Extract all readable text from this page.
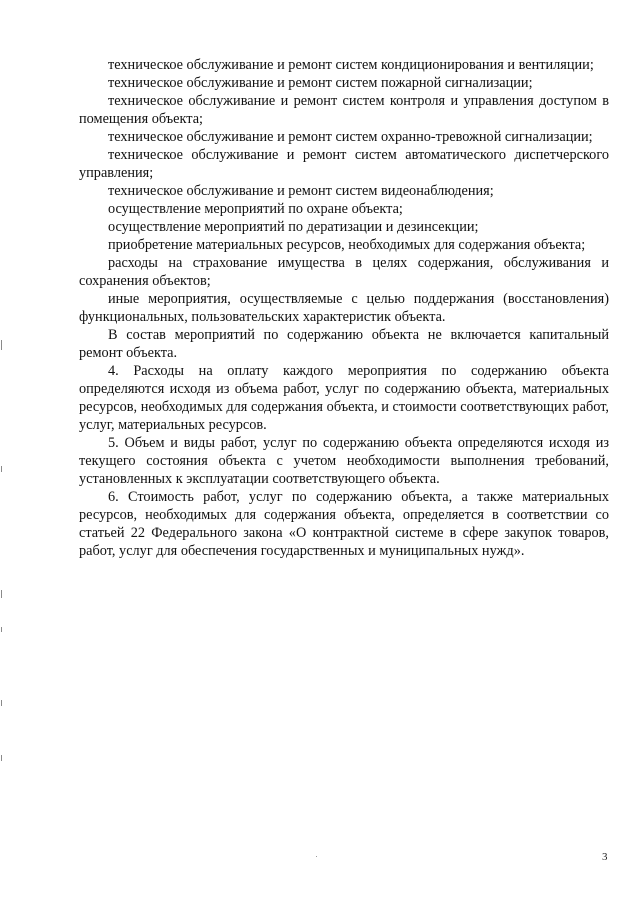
техническое обслуживание и ремонт систем кондиционирования и вентиляции;

техническое обслуживание и ремонт систем пожарной сигнализации;

техническое обслуживание и ремонт систем контроля и управления доступом в помещения объекта;

техническое обслуживание и ремонт систем охранно-тревожной сигнализации;

техническое обслуживание и ремонт систем автоматического диспетчерского управления;

техническое обслуживание и ремонт систем видеонаблюдения;

осуществление мероприятий по охране объекта;

осуществление мероприятий по дератизации и дезинсекции;

приобретение материальных ресурсов, необходимых для содержания объекта;

расходы на страхование имущества в целях содержания, обслуживания и сохранения объектов;

иные мероприятия, осуществляемые с целью поддержания (восстановления) функциональных, пользовательских характеристик объекта.

В состав мероприятий по содержанию объекта не включается капитальный ремонт объекта.

4. Расходы на оплату каждого мероприятия по содержанию объекта определяются исходя из объема работ, услуг по содержанию объекта, материальных ресурсов, необходимых для содержания объекта, и стоимости соответствующих работ, услуг, материальных ресурсов.

5. Объем и виды работ, услуг по содержанию объекта определяются исходя из текущего состояния объекта с учетом необходимости выполнения требований, установленных к эксплуатации соответствующего объекта.

6. Стоимость работ, услуг по содержанию объекта, а также материальных ресурсов, необходимых для содержания объекта, определяется в соответствии со статьей 22 Федерального закона «О контрактной системе в сфере закупок товаров, работ, услуг для обеспечения государственных и муниципальных нужд».

3
